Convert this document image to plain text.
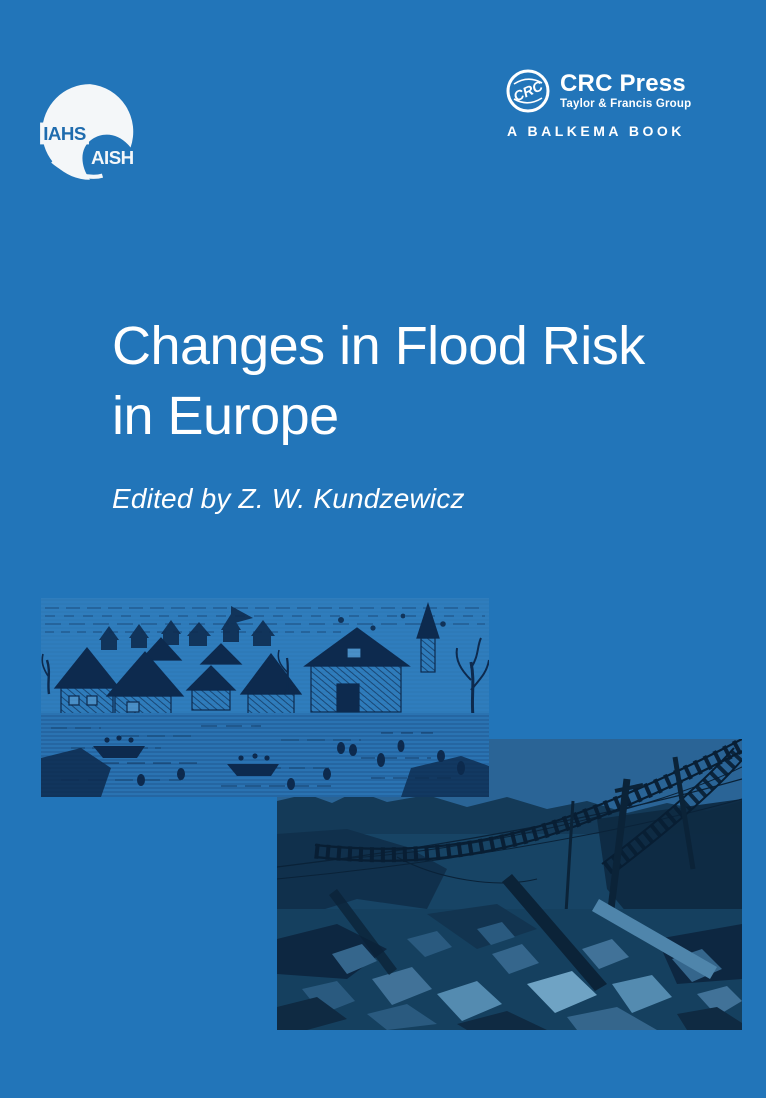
IAHS
AISH
CRC CRC Press
Taylor & Francis Group
A BALKEMA BOOK
Changes in Flood Risk
in Europe
Edited by Z. W. Kundzewicz
